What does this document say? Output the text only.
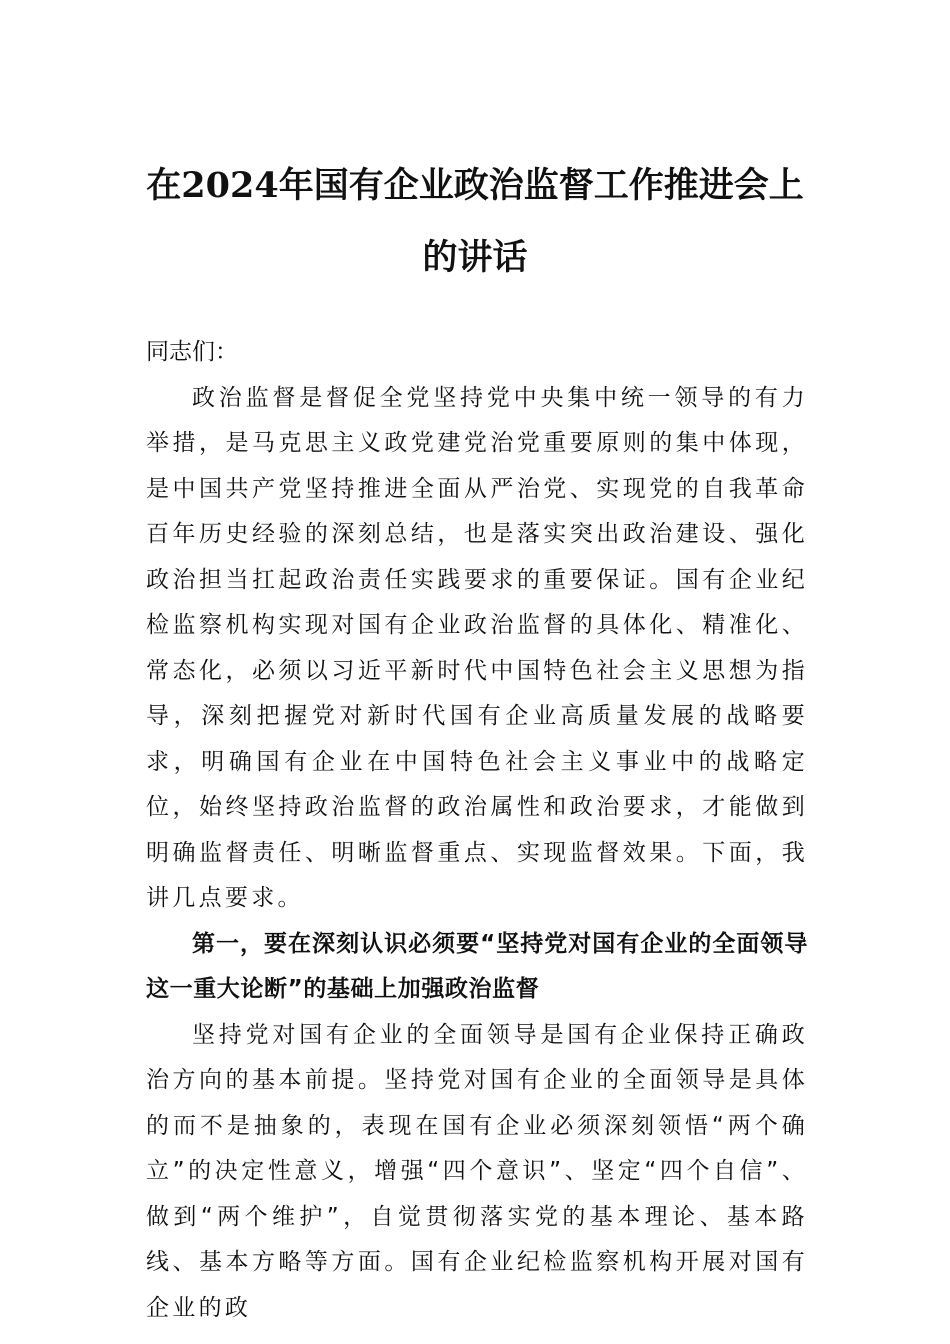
在2024年国有企业政治监督工作推进会上的讲话

同志们：

政治监督是督促全党坚持党中央集中统一领导的有力举措，是马克思主义政党建党治党重要原则的集中体现，是中国共产党坚持推进全面从严治党、实现党的自我革命百年历史经验的深刻总结，也是落实突出政治建设、强化政治担当扛起政治责任实践要求的重要保证。国有企业纪检监察机构实现对国有企业政治监督的具体化、精准化、常态化，必须以习近平新时代中国特色社会主义思想为指导，深刻把握党对新时代国有企业高质量发展的战略要求，明确国有企业在中国特色社会主义事业中的战略定位，始终坚持政治监督的政治属性和政治要求，才能做到明确监督责任、明晰监督重点、实现监督效果。下面，我讲几点要求。

第一，要在深刻认识必须要“坚持党对国有企业的全面领导这一重大论断”的基础上加强政治监督

坚持党对国有企业的全面领导是国有企业保持正确政治方向的基本前提。坚持党对国有企业的全面领导是具体的而不是抽象的，表现在国有企业必须深刻领悟“两个确立”的决定性意义，增强“四个意识”、坚定“四个自信”、做到“两个维护”，自觉贯彻落实党的基本理论、基本路线、基本方略等方面。国有企业纪检监察机构开展对国有企业的政
